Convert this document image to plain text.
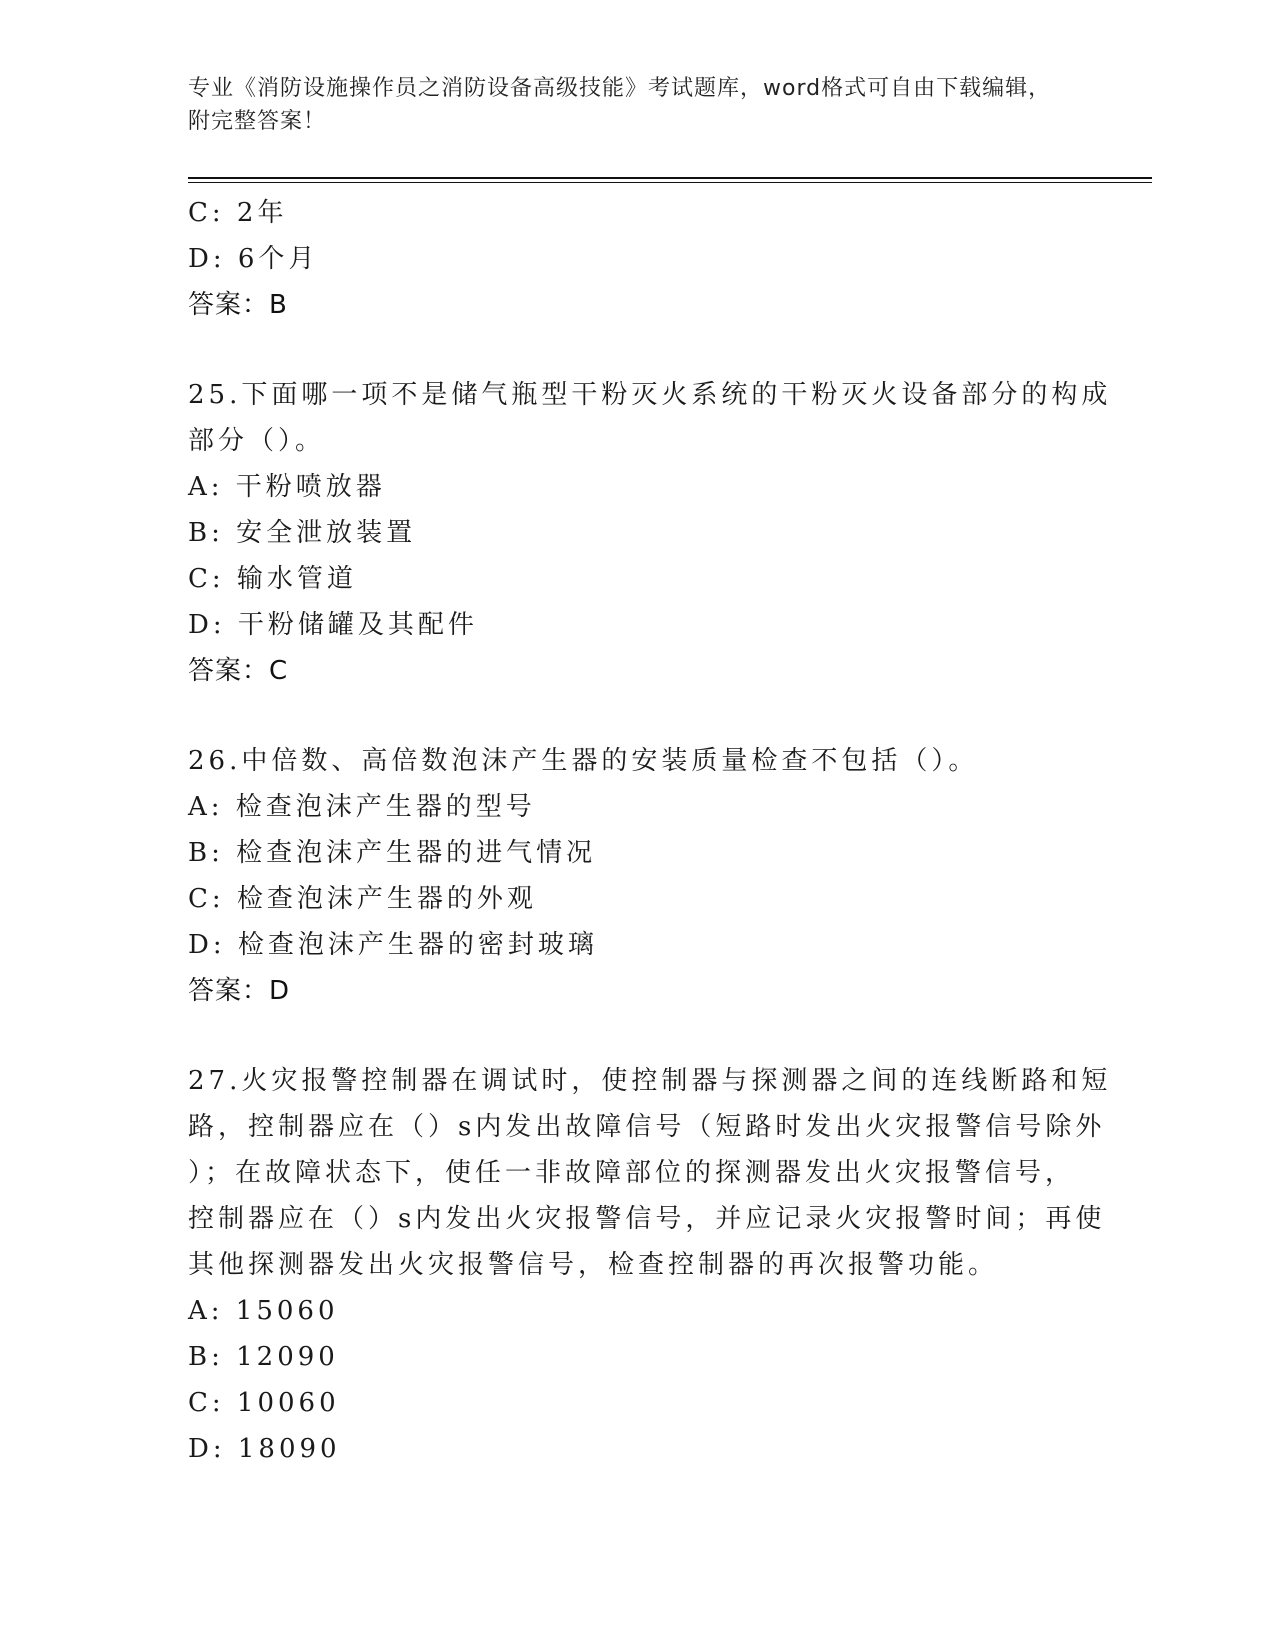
专业《消防设施操作员之消防设备高级技能》考试题库，word格式可自由下载编辑，附完整答案！
C: 2年
D: 6个月
答案：B
25.下面哪一项不是储气瓶型干粉灭火系统的干粉灭火设备部分的构成
部分（）。
A: 干粉喷放器
B: 安全泄放装置
C: 输水管道
D: 干粉储罐及其配件
答案：C
26.中倍数、高倍数泡沫产生器的安装质量检查不包括（）。
A: 检查泡沫产生器的型号
B: 检查泡沫产生器的进气情况
C: 检查泡沫产生器的外观
D: 检查泡沫产生器的密封玻璃
答案：D
27.火灾报警控制器在调试时，使控制器与探测器之间的连线断路和短
路，控制器应在（）s内发出故障信号（短路时发出火灾报警信号除外
）；在故障状态下，使任一非故障部位的探测器发出火灾报警信号，
控制器应在（）s内发出火灾报警信号，并应记录火灾报警时间；再使
其他探测器发出火灾报警信号，检查控制器的再次报警功能。
A: 15060
B: 12090
C: 10060
D: 18090
